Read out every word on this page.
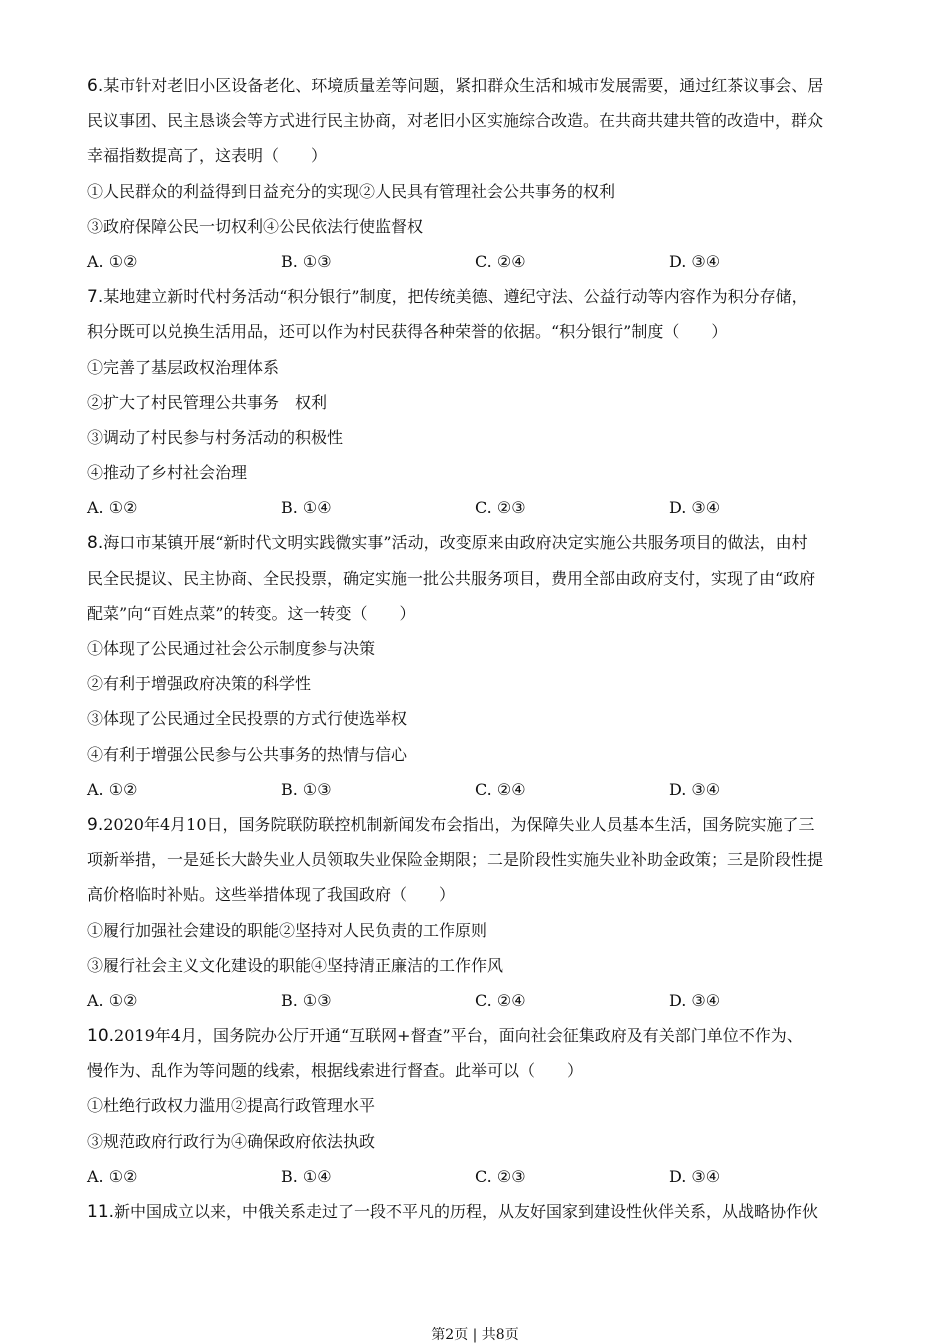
6.某市针对老旧小区设备老化、环境质量差等问题，紧扣群众生活和城市发展需要，通过红茶议事会、居
民议事团、民主恳谈会等方式进行民主协商，对老旧小区实施综合改造。在共商共建共管的改造中，群众
幸福指数提高了，这表明（　　）
①人民群众的利益得到日益充分的实现②人民具有管理社会公共事务的权利
③政府保障公民一切权利④公民依法行使监督权
A. ①②	B. ①③	C. ②④	D. ③④
7.某地建立新时代村务活动“积分银行”制度，把传统美德、遵纪守法、公益行动等内容作为积分存储，
积分既可以兑换生活用品，还可以作为村民获得各种荣誉的依据。“积分银行”制度（　　）
①完善了基层政权治理体系
②扩大了村民管理公共事务　权利
③调动了村民参与村务活动的积极性
④推动了乡村社会治理
A. ①②	B. ①④	C. ②③	D. ③④
8.海口市某镇开展“新时代文明实践微实事”活动，改变原来由政府决定实施公共服务项目的做法，由村
民全民提议、民主协商、全民投票，确定实施一批公共服务项目，费用全部由政府支付，实现了由“政府
配菜”向“百姓点菜”的转变。这一转变（　　）
①体现了公民通过社会公示制度参与决策
②有利于增强政府决策的科学性
③体现了公民通过全民投票的方式行使选举权
④有利于增强公民参与公共事务的热情与信心
A. ①②	B. ①③	C. ②④	D. ③④
9.2020年4月10日，国务院联防联控机制新闻发布会指出，为保障失业人员基本生活，国务院实施了三
项新举措，一是延长大龄失业人员领取失业保险金期限；二是阶段性实施失业补助金政策；三是阶段性提
高价格临时补贴。这些举措体现了我国政府（　　）
①履行加强社会建设的职能②坚持对人民负责的工作原则
③履行社会主义文化建设的职能④坚持清正廉洁的工作作风
A. ①②	B. ①③	C. ②④	D. ③④
10.2019年4月，国务院办公厅开通“互联网+督查”平台，面向社会征集政府及有关部门单位不作为、
慢作为、乱作为等问题的线索，根据线索进行督查。此举可以（　　）
①杜绝行政权力滥用②提高行政管理水平
③规范政府行政行为④确保政府依法执政
A. ①②	B. ①④	C. ②③	D. ③④
11.新中国成立以来，中俄关系走过了一段不平凡的历程，从友好国家到建设性伙伴关系，从战略协作伙
第2页 | 共8页
